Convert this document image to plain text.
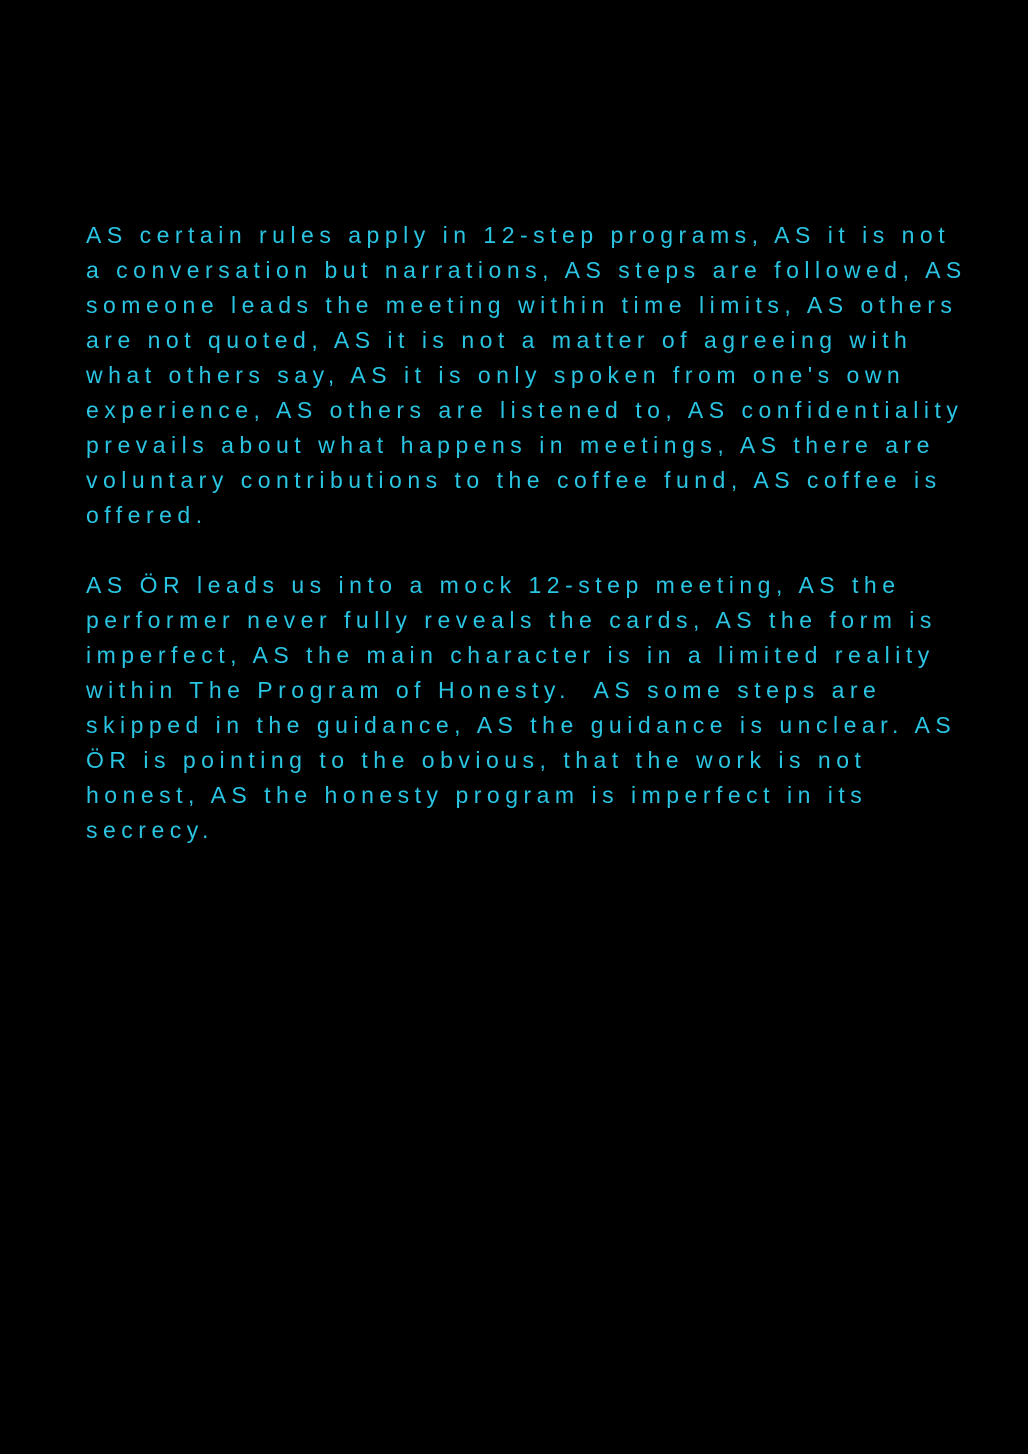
AS certain rules apply in 12-step programs, AS it is not
a conversation but narrations, AS steps are followed, AS
someone leads the meeting within time limits, AS others
are not quoted, AS it is not a matter of agreeing with
what others say, AS it is only spoken from one's own
experience, AS others are listened to, AS confidentiality
prevails about what happens in meetings, AS there are
voluntary contributions to the coffee fund, AS coffee is
offered.

AS ÖR leads us into a mock 12-step meeting, AS the
performer never fully reveals the cards, AS the form is
imperfect, AS the main character is in a limited reality
within The Program of Honesty.  AS some steps are
skipped in the guidance, AS the guidance is unclear. AS
ÖR is pointing to the obvious, that the work is not
honest, AS the honesty program is imperfect in its
secrecy.
